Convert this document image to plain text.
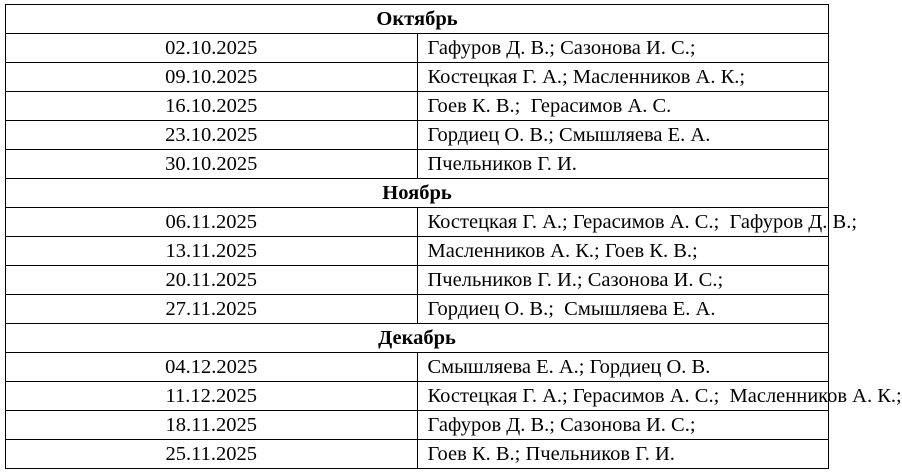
Октябрь	
02.10.2025	Гафуров Д. В.; Сазонова И. С.;
09.10.2025	Костецкая Г. А.; Масленников А. К.;
16.10.2025	Гоев К. В.;  Герасимов А. С.
23.10.2025	Гордиец О. В.; Смышляева Е. А.
30.10.2025	Пчельников Г. И.
Ноябрь	
06.11.2025	Костецкая Г. А.; Герасимов А. С.;  Гафуров Д. В.;
13.11.2025	Масленников А. К.; Гоев К. В.;
20.11.2025	Пчельников Г. И.; Сазонова И. С.;
27.11.2025	Гордиец О. В.;  Смышляева Е. А.
Декабрь	
04.12.2025	Смышляева Е. А.; Гордиец О. В.
11.12.2025	Костецкая Г. А.; Герасимов А. С.;  Масленников А. К.;
18.11.2025	Гафуров Д. В.; Сазонова И. С.;
25.11.2025	Гоев К. В.; Пчельников Г. И.
